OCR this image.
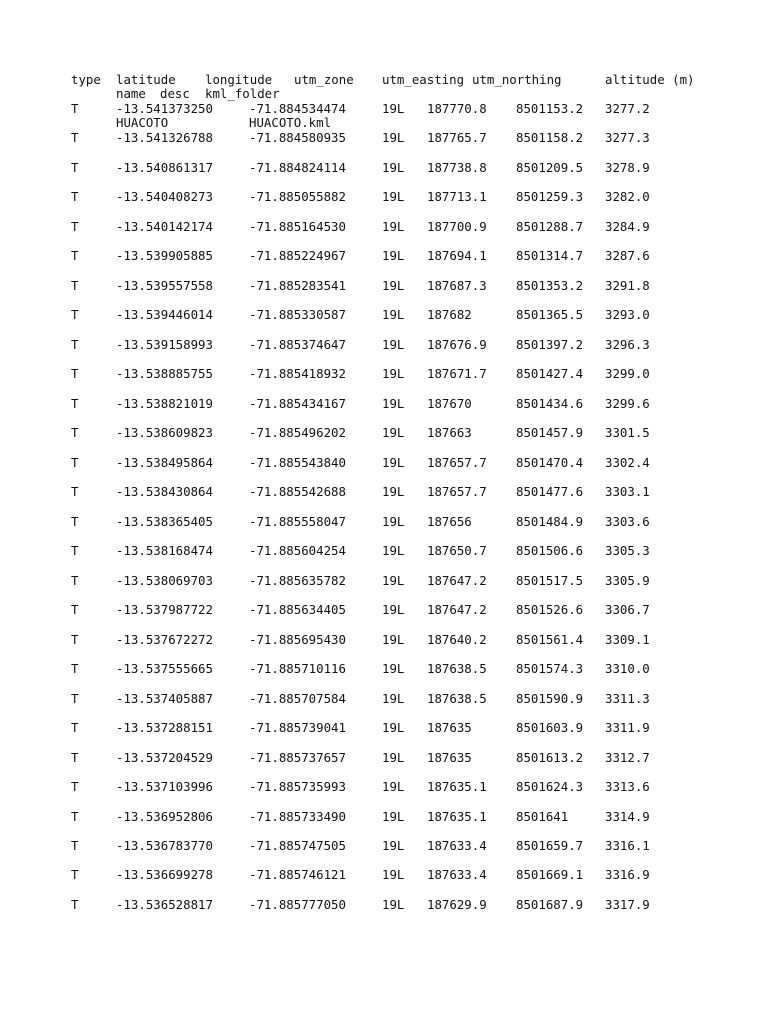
type latitude longitude utm_zone utm_easting utm_northing	altitude (m)
name desc kml_folder
T	-13.541373250	-71.884534474	19L 187770.8 8501153.2 3277.2
HUACOTO	HUACOTO.kml
T	-13.541326788	-71.884580935	19L 187765.7 8501158.2 3277.3
T	-13.540861317	-71.884824114	19L 187738.8 8501209.5 3278.9
T	-13.540408273	-71.885055882	19L 187713.1 8501259.3 3282.0
T	-13.540142174	-71.885164530	19L 187700.9 8501288.7 3284.9
T	-13.539905885	-71.885224967	19L 187694.1 8501314.7 3287.6
T	-13.539557558	-71.885283541	19L 187687.3 8501353.2 3291.8
T	-13.539446014	-71.885330587	19L 187682	8501365.5 3293.0
T	-13.539158993	-71.885374647	19L 187676.9 8501397.2 3296.3
T	-13.538885755	-71.885418932	19L 187671.7 8501427.4 3299.0
T	-13.538821019	-71.885434167	19L 187670	8501434.6 3299.6
T	-13.538609823	-71.885496202	19L 187663	8501457.9 3301.5
T	-13.538495864	-71.885543840	19L 187657.7 8501470.4 3302.4
T	-13.538430864	-71.885542688	19L 187657.7 8501477.6 3303.1
T	-13.538365405	-71.885558047	19L 187656	8501484.9 3303.6
T	-13.538168474	-71.885604254	19L 187650.7 8501506.6 3305.3
T	-13.538069703	-71.885635782	19L 187647.2 8501517.5 3305.9
T	-13.537987722	-71.885634405	19L 187647.2 8501526.6 3306.7
T	-13.537672272	-71.885695430	19L 187640.2 8501561.4 3309.1
T	-13.537555665	-71.885710116	19L 187638.5 8501574.3 3310.0
T	-13.537405887	-71.885707584	19L 187638.5 8501590.9 3311.3
T	-13.537288151	-71.885739041	19L 187635	8501603.9 3311.9
T	-13.537204529	-71.885737657	19L 187635	8501613.2 3312.7
T	-13.537103996	-71.885735993	19L 187635.1 8501624.3 3313.6
T	-13.536952806	-71.885733490	19L 187635.1 8501641	3314.9
T	-13.536783770	-71.885747505	19L 187633.4 8501659.7 3316.1
T	-13.536699278	-71.885746121	19L 187633.4 8501669.1 3316.9
T	-13.536528817	-71.885777050	19L 187629.9 8501687.9 3317.9
